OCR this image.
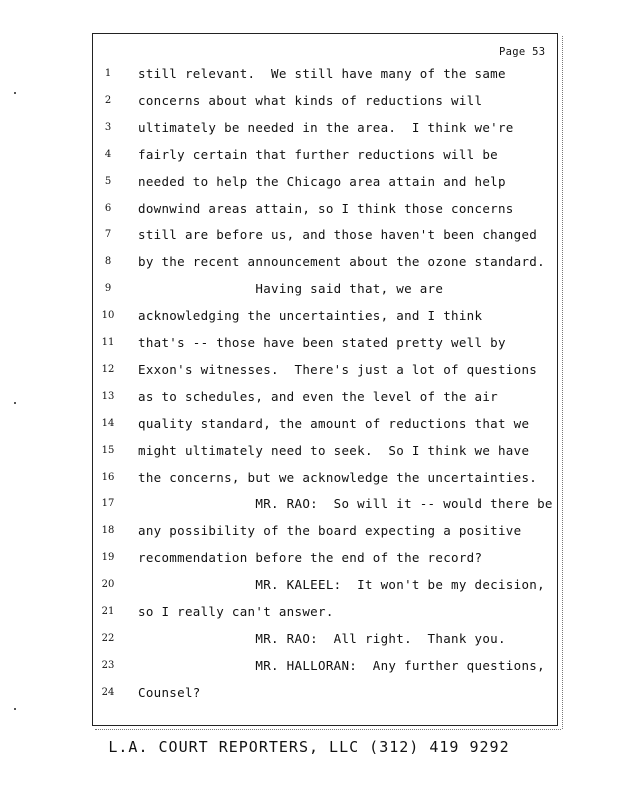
Page 53
1	still relevant.  We still have many of the same
2	concerns about what kinds of reductions will
3	ultimately be needed in the area.  I think we're
4	fairly certain that further reductions will be
5	needed to help the Chicago area attain and help
6	downwind areas attain, so I think those concerns
7	still are before us, and those haven't been changed
8	by the recent announcement about the ozone standard.
9	Having said that, we are
10	acknowledging the uncertainties, and I think
11	that's -- those have been stated pretty well by
12	Exxon's witnesses.  There's just a lot of questions
13	as to schedules, and even the level of the air
14	quality standard, the amount of reductions that we
15	might ultimately need to seek.  So I think we have
16	the concerns, but we acknowledge the uncertainties.
17	MR. RAO:  So will it -- would there be
18	any possibility of the board expecting a positive
19	recommendation before the end of the record?
20	MR. KALEEL:  It won't be my decision,
21	so I really can't answer.
22	MR. RAO:  All right.  Thank you.
23	MR. HALLORAN:  Any further questions,
24	Counsel?
L.A. COURT REPORTERS, LLC (312) 419 9292
